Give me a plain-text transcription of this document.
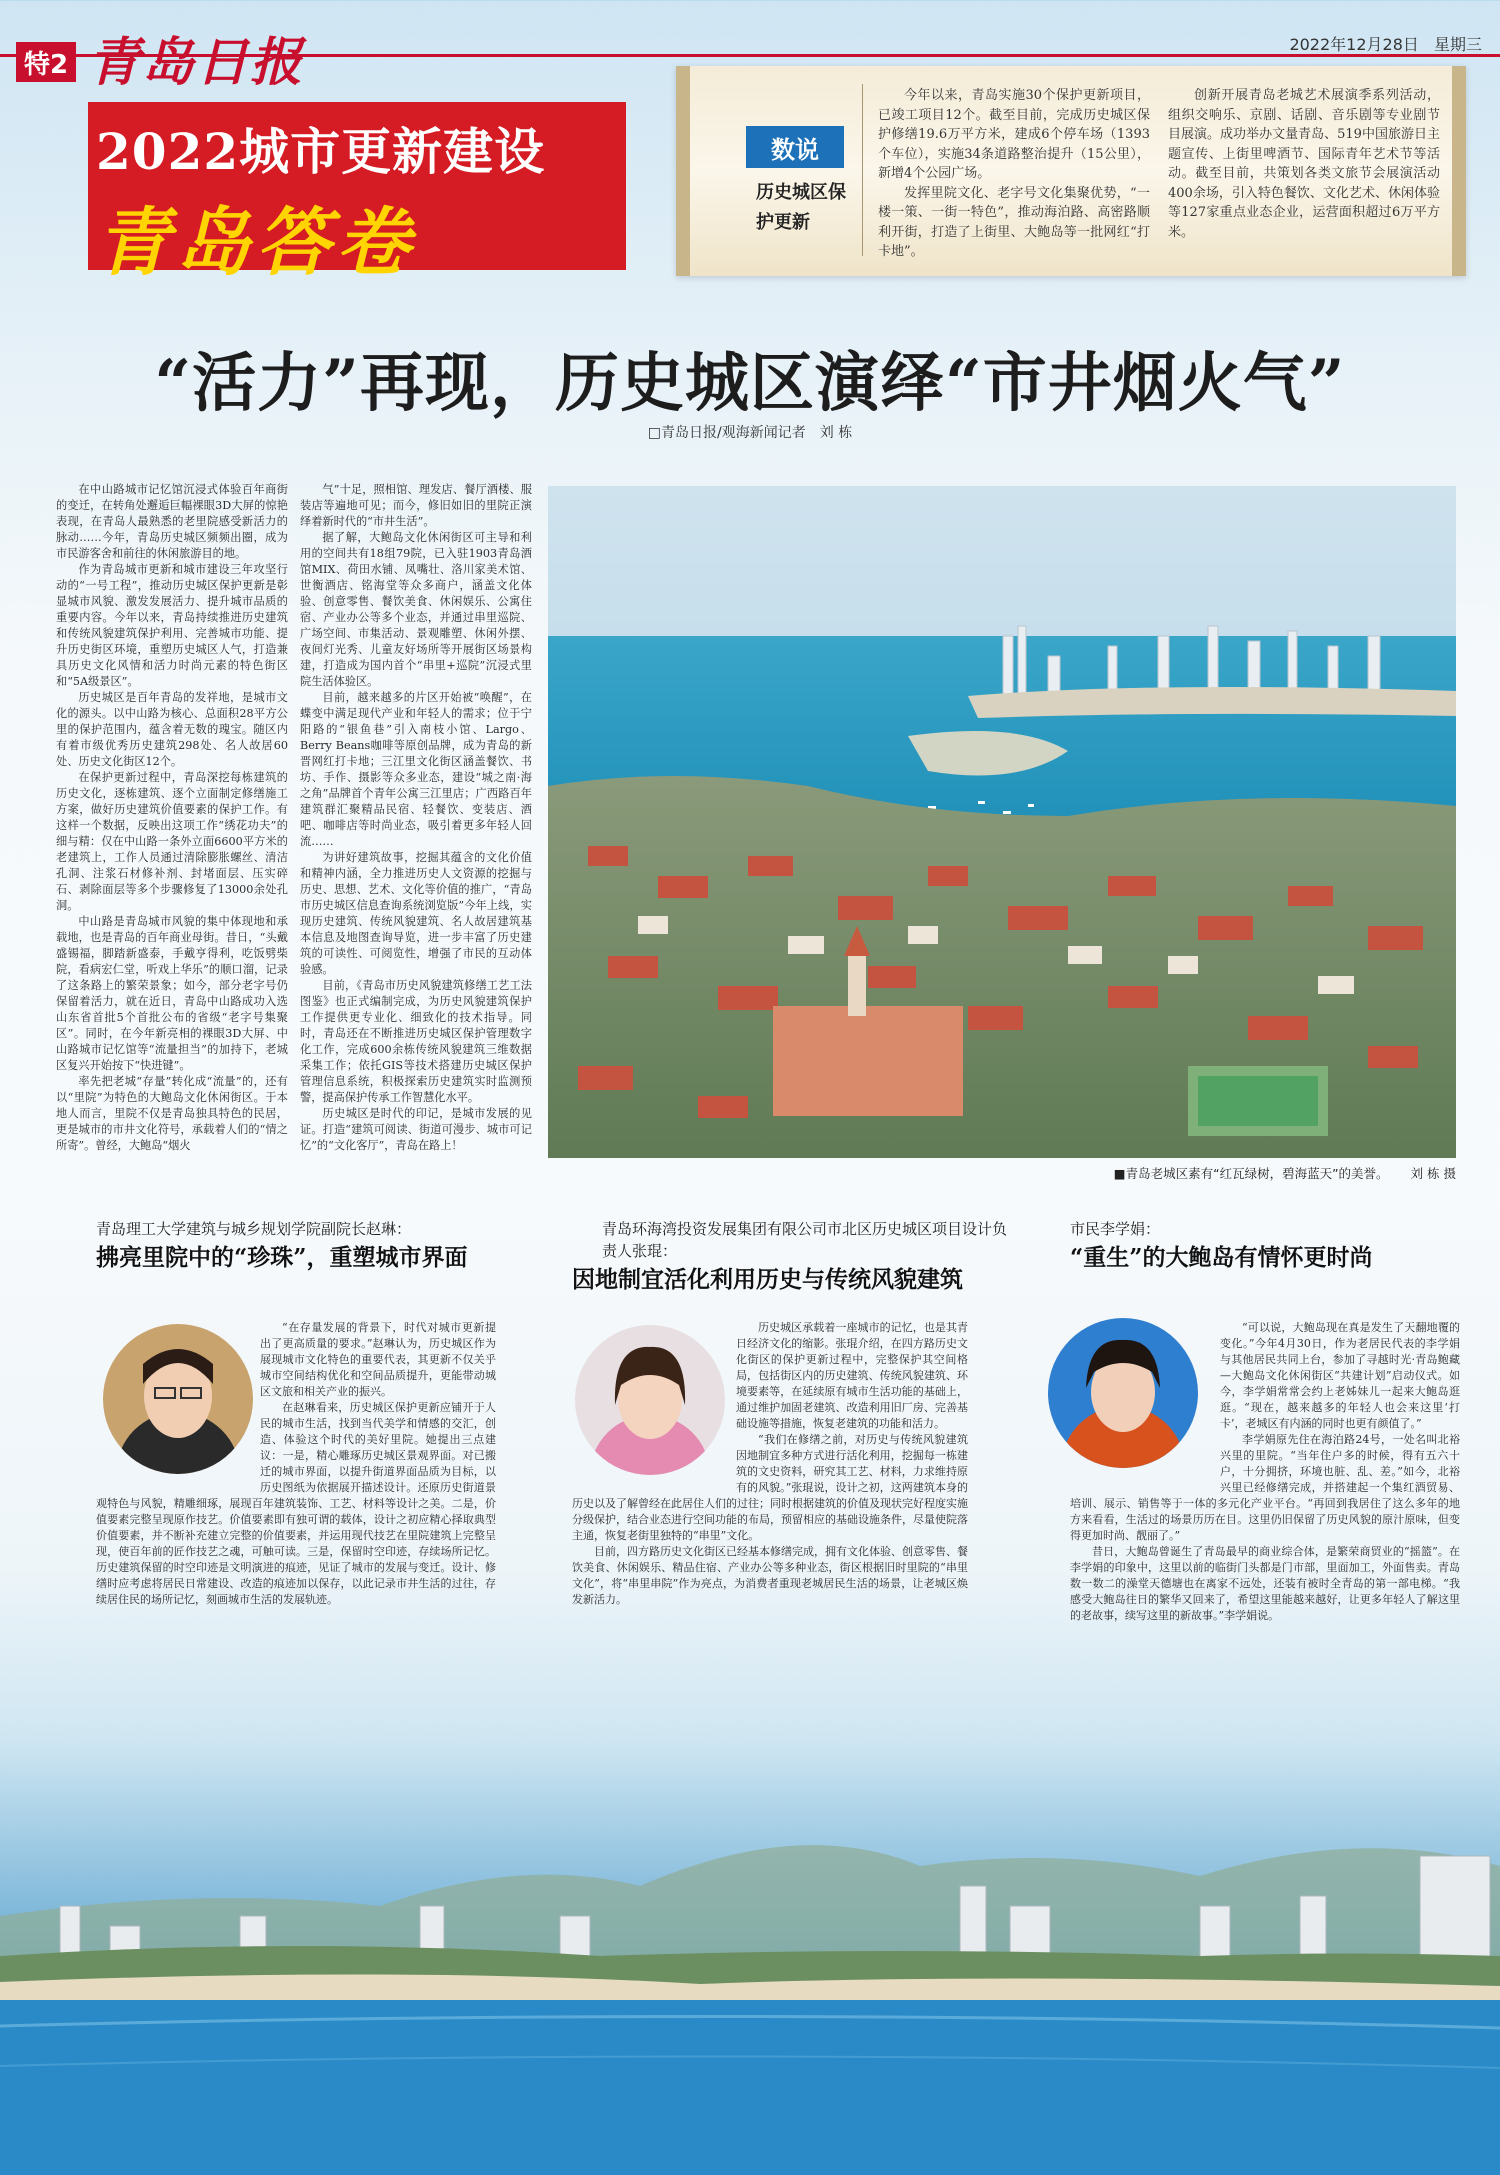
特2 青岛日报	2022年12月28日 星期三
2022城市更新建设
青岛答卷
数说
历史城区保护更新

今年以来，青岛实施30个保护更新项目，已竣工项目12个。截至目前，完成历史城区保护修缮19.6万平方米，建成6个停车场（1393个车位），实施34条道路整治提升（15公里），新增4个公园广场。

发挥里院文化、老字号文化集聚优势，“一楼一策、一街一特色”，推动海泊路、高密路顺利开街，打造了上街里、大鲍岛等一批网红“打卡地”。

创新开展青岛老城艺术展演季系列活动，组织交响乐、京剧、话剧、音乐剧等专业剧节目展演。成功举办文量青岛、519中国旅游日主题宣传、上街里啤酒节、国际青年艺术节等活动。截至目前，共策划各类文旅节会展演活动400余场，引入特色餐饮、文化艺术、休闲体验等127家重点业态企业，运营面积超过6万平方米。

“活力”再现，历史城区演绎“市井烟火气”
□青岛日报/观海新闻记者　刘 栋

在中山路城市记忆馆沉浸式体验百年商街的变迁，在转角处邂逅巨幅裸眼3D大屏的惊艳表现，在青岛人最熟悉的老里院感受新活力的脉动……今年，青岛历史城区频频出圈，成为市民游客舍和前往的休闲旅游目的地。

作为青岛城市更新和城市建设三年攻坚行动的“一号工程”，推动历史城区保护更新是彰显城市风貌、激发发展活力、提升城市品质的重要内容。今年以来，青岛持续推进历史建筑和传统风貌建筑保护利用、完善城市功能、提升历史街区环境，重塑历史城区人气，打造兼具历史文化风情和活力时尚元素的特色街区和“5A级景区”。

历史城区是百年青岛的发祥地，是城市文化的源头。以中山路为核心、总面积28平方公里的保护范围内，蕴含着无数的瑰宝。随区内有着市级优秀历史建筑298处、名人故居60处、历史文化街区12个。

在保护更新过程中，青岛深挖每栋建筑的历史文化，逐栋建筑、逐个立面制定修缮施工方案，做好历史建筑价值要素的保护工作。有这样一个数据，反映出这项工作“绣花功夫”的细与精：仅在中山路一条外立面6600平方米的老建筑上，工作人员通过清除膨胀螺丝、清洁孔洞、注浆石材修补剂、封堵面层、压实碎石、剥除面层等多个步骤修复了13000余处孔洞。

中山路是青岛城市风貌的集中体现地和承载地，也是青岛的百年商业母街。昔日，“头戴盛锡福，脚踏新盛泰，手戴亨得利，吃饭劈柴院，看病宏仁堂，听戏上华乐”的顺口溜，记录了这条路上的繁荣景象；如今，部分老字号仍保留着活力，就在近日，青岛中山路成功入选山东省首批5个首批公布的省级“老字号集聚区”。同时，在今年新亮相的裸眼3D大屏、中山路城市记忆馆等“流量担当”的加持下，老城区复兴开始按下“快进键”。

率先把老城“存量”转化成“流量”的，还有以“里院”为特色的大鲍岛文化休闲街区。于本地人而言，里院不仅是青岛独具特色的民居，更是城市的市井文化符号，承载着人们的“情之所寄”。曾经，大鲍岛“烟火

气”十足，照相馆、理发店、餐厅酒楼、服装店等遍地可见；而今，修旧如旧的里院正演绎着新时代的“市井生活”。

据了解，大鲍岛文化休闲街区可主导和利用的空间共有18组79院，已入驻1903青岛酒馆MIX、荷田水铺、凤嘴壮、洛川家美术馆、世衡酒店、铭海堂等众多商户，涵盖文化体验、创意零售、餐饮美食、休闲娱乐、公寓住宿、产业办公等多个业态，并通过串里巡院、广场空间、市集活动、景观雕塑、休闲外摆、夜间灯光秀、儿童友好场所等开展街区场景构建，打造成为国内首个“串里+巡院”沉浸式里院生活体验区。

目前，越来越多的片区开始被“唤醒”，在蝶变中满足现代产业和年轻人的需求；位于宁阳路的“银鱼巷”引入南枝小馆、Largo、Berry Beans咖啡等原创品牌，成为青岛的新晋网红打卡地；三江里文化街区涵盖餐饮、书坊、手作、摄影等众多业态，建设“城之南·海之角”品牌首个青年公寓三江里店；广西路百年建筑群汇聚精品民宿、轻餐饮、变装店、酒吧、咖啡店等时尚业态，吸引着更多年轻人回流……

为讲好建筑故事，挖掘其蕴含的文化价值和精神内涵，全力推进历史人文资源的挖掘与历史、思想、艺术、文化等价值的推广，“青岛市历史城区信息查询系统浏览版”今年上线，实现历史建筑、传统风貌建筑、名人故居建筑基本信息及地图查询导览，进一步丰富了历史建筑的可读性、可阅览性，增强了市民的互动体验感。

目前，《青岛市历史风貌建筑修缮工艺工法图鉴》也正式编制完成，为历史风貌建筑保护工作提供更专业化、细致化的技术指导。同时，青岛还在不断推进历史城区保护管理数字化工作，完成600余栋传统风貌建筑三维数据采集工作；依托GIS等技术搭建历史城区保护管理信息系统，积极探索历史建筑实时监测预警，提高保护传承工作智慧化水平。

历史城区是时代的印记，是城市发展的见证。打造“建筑可阅读、街道可漫步、城市可记忆”的“文化客厅”，青岛在路上！

■青岛老城区素有“红瓦绿树，碧海蓝天”的美誉。 刘 栋 摄
青岛理工大学建筑与城乡规划学院副院长赵琳：
拂亮里院中的“珍珠”，重塑城市界面

“在存量发展的背景下，时代对城市更新提出了更高质量的要求。”赵琳认为，历史城区作为展现城市文化特色的重要代表，其更新不仅关乎城市空间结构优化和空间品质提升，更能带动城区文旅和相关产业的振兴。

在赵琳看来，历史城区保护更新应铺开于人民的城市生活，找到当代美学和情感的交汇，创造、体验这个时代的美好里院。她提出三点建议：一是，精心雕琢历史城区景观界面。对已搬迁的城市界面，以提升街道界面品质为目标，以历史图纸为依据展开描述设计。还原历史街道景观特色与风貌，精雕细琢，展现百年建筑装饰、工艺、材料等设计之美。二是，价值要素完整呈现原作技艺。价值要素即有独可谓的载体，设计之初应精心择取典型价值要素，并不断补充建立完整的价值要素，并运用现代技艺在里院建筑上完整呈现，使百年前的匠作技艺之魂，可触可读。三是，保留时空印迹，存续场所记忆。历史建筑保留的时空印迹是文明演进的痕迹，见证了城市的发展与变迁。设计、修缮时应考虑将居民日常建设、改造的痕迹加以保存，以此记录市井生活的过往，存续居住民的场所记忆，刻画城市生活的发展轨迹。

青岛环海湾投资发展集团有限公司市北区历史城区项目设计负责人张琨：
因地制宜活化利用历史与传统风貌建筑

历史城区承载着一座城市的记忆，也是其青日经济文化的缩影。张琨介绍，在四方路历史文化街区的保护更新过程中，完整保护其空间格局，包括街区内的历史建筑、传统风貌建筑、环境要素等，在延续原有城市生活功能的基础上，通过维护加固老建筑、改造利用旧厂房、完善基础设施等措施，恢复老建筑的功能和活力。

“我们在修缮之前，对历史与传统风貌建筑因地制宜多种方式进行活化利用，挖掘每一栋建筑的文史资料，研究其工艺、材料，力求维持原有的风貌。”张琨说，设计之初，这两建筑本身的历史以及了解曾经在此居住人们的过往；同时根据建筑的价值及现状完好程度实施分级保护，结合业态进行空间功能的布局，预留相应的基础设施条件，尽量使院落主通，恢复老街里独特的“串里”文化。

目前，四方路历史文化街区已经基本修缮完成，拥有文化体验、创意零售、餐饮美食、休闲娱乐、精品住宿、产业办公等多种业态，街区根据旧时里院的“串里文化”，将“串里串院”作为亮点，为消费者重现老城居民生活的场景，让老城区焕发新活力。

市民李学娟：
“重生”的大鲍岛有情怀更时尚

“可以说，大鲍岛现在真是发生了天翻地覆的变化。”今年4月30日，作为老居民代表的李学娟与其他居民共同上台，参加了寻越时光·青岛鲍藏—大鲍岛文化休闲街区“共建计划”启动仪式。如今，李学娟常常会约上老姊妹儿一起来大鲍岛逛逛。“现在，越来越多的年轻人也会来这里‘打卡’，老城区有内涵的同时也更有颜值了。”

李学娟原先住在海泊路24号，一处名叫北裕兴里的里院。“当年住户多的时候，得有五六十户，十分拥挤，环境也脏、乱、差。”如今，北裕兴里已经修缮完成，并搭建起一个集红酒贸易、培训、展示、销售等于一体的多元化产业平台。“再回到我居住了这么多年的地方来看看，生活过的场景历历在目。这里仍旧保留了历史风貌的原汁原味，但变得更加时尚、靓丽了。”

昔日，大鲍岛曾诞生了青岛最早的商业综合体，是繁荣商贸业的“摇篮”。在李学娟的印象中，这里以前的临街门头都是门市部，里面加工，外面售卖。青岛数一数二的澡堂天德塘也在离家不远处，还装有被时全青岛的第一部电梯。“我感受大鲍岛往日的繁华又回来了，希望这里能越来越好，让更多年轻人了解这里的老故事，续写这里的新故事。”李学娟说。
